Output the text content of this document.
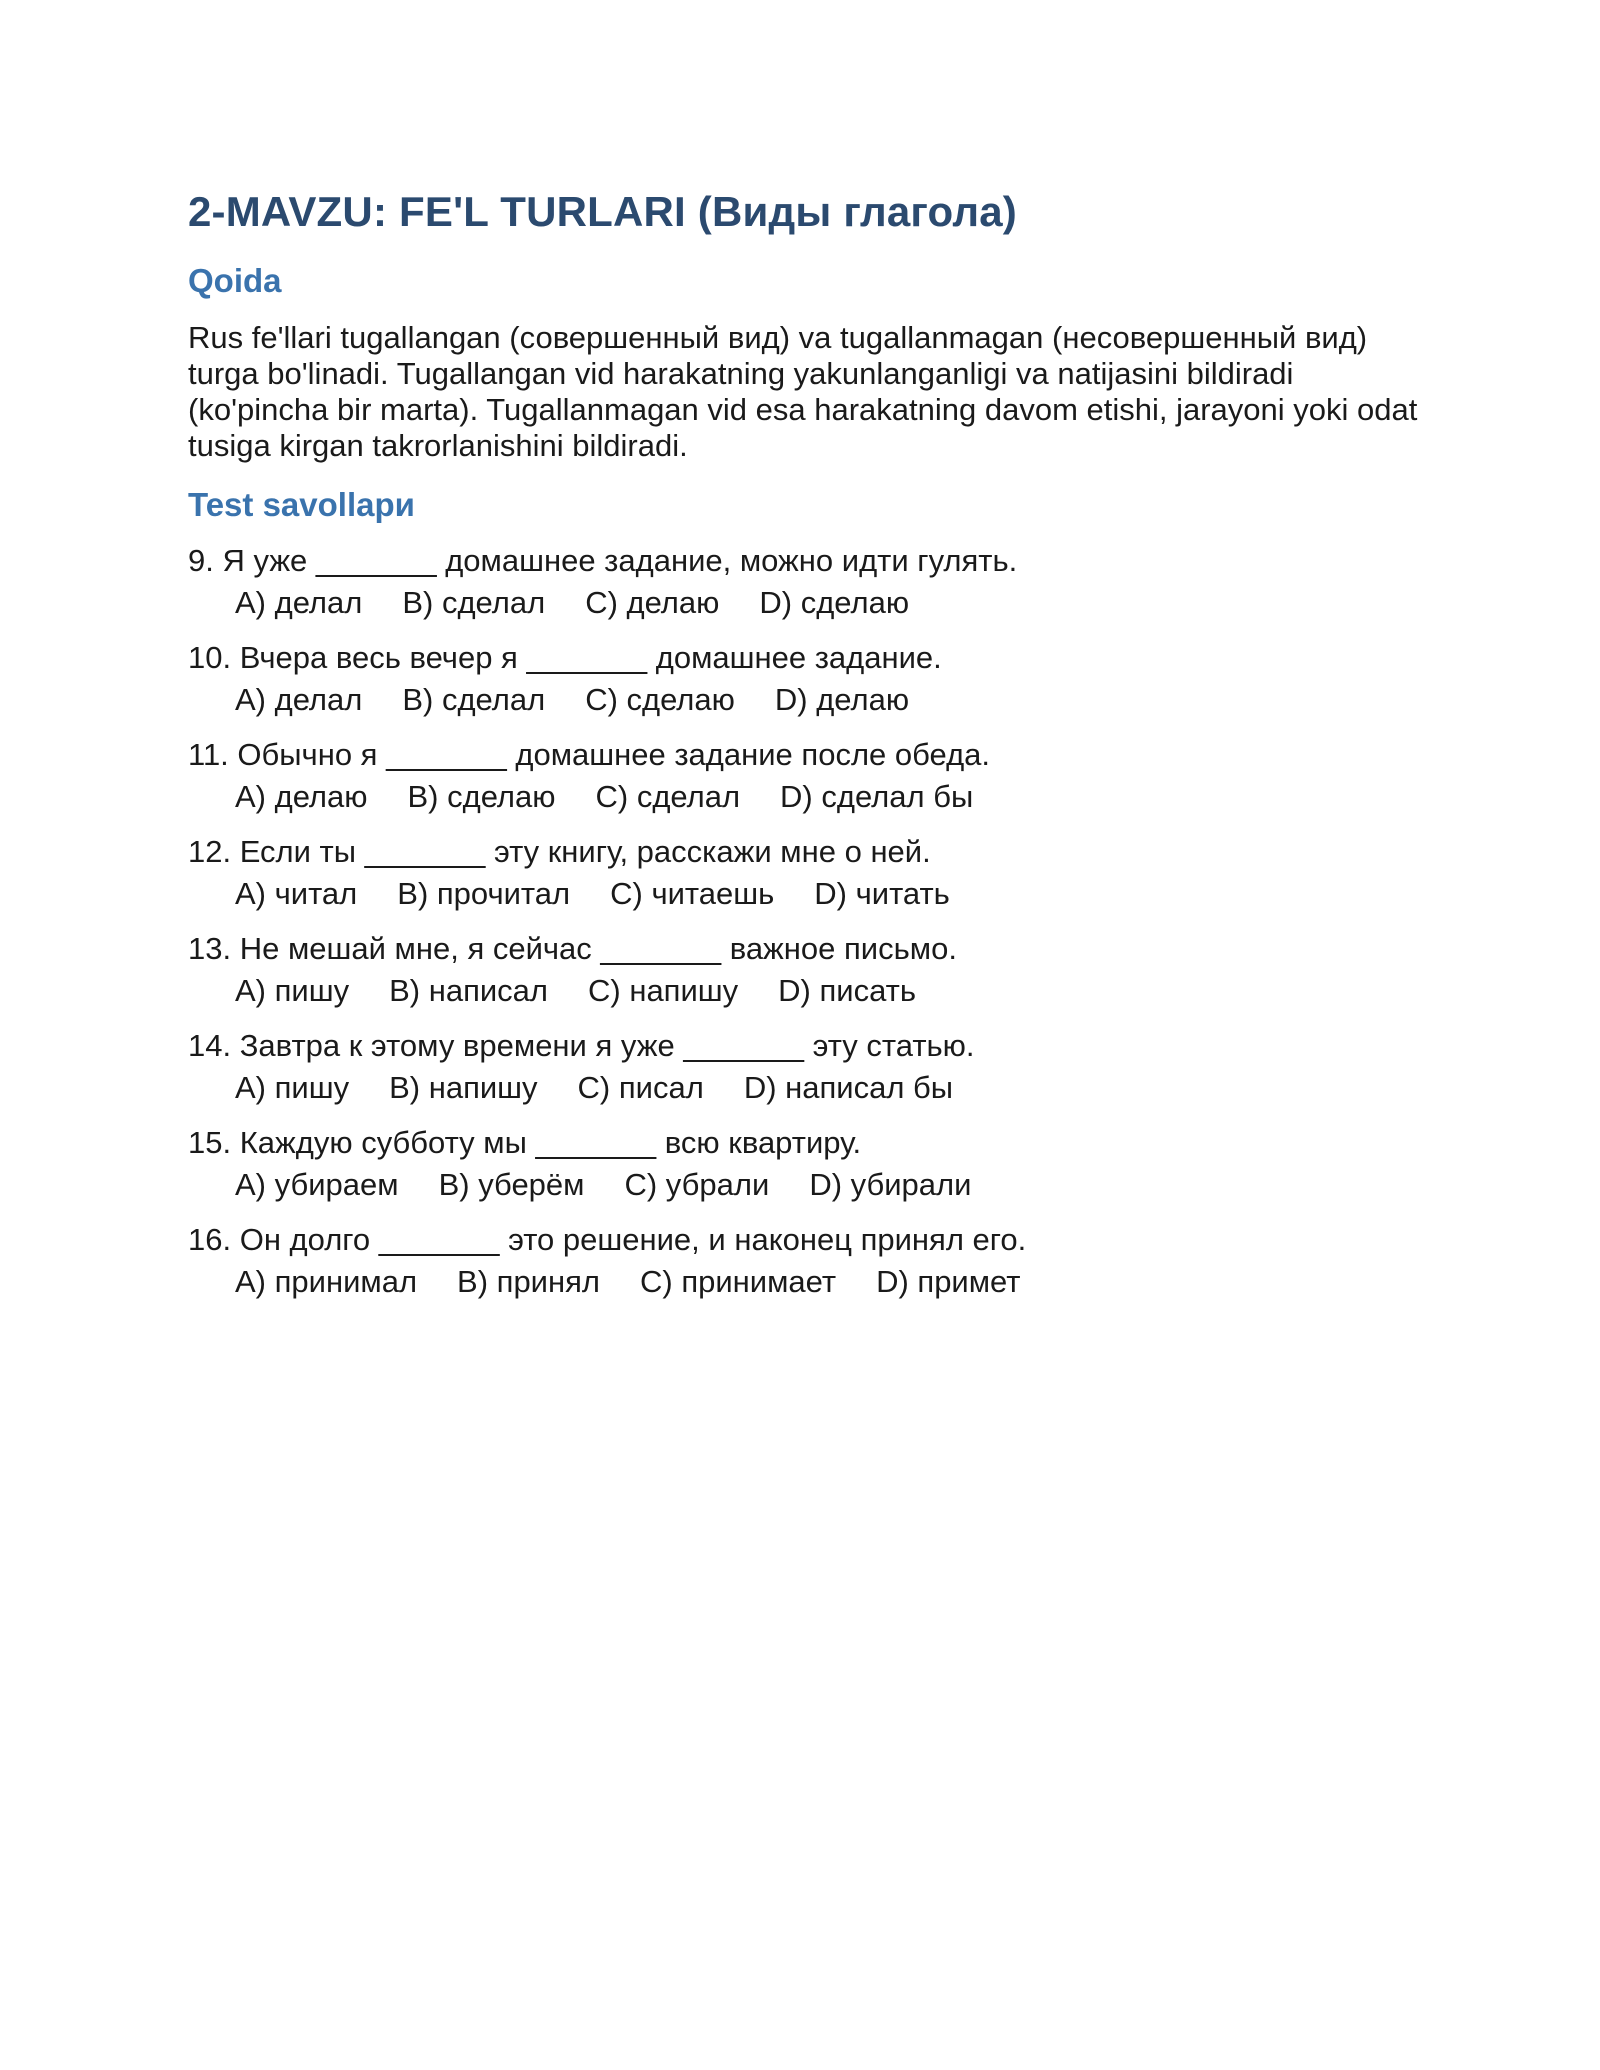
2-MAVZU: FE'L TURLARI (Виды глагола)
Qoida

Rus fe'llari tugallangan (совершенный вид) va tugallanmagan (несовершенный вид) turga bo'linadi. Tugallangan vid harakatning yakunlanganligi va natijasini bildiradi (ko'pincha bir marta). Tugallanmagan vid esa harakatning davom etishi, jarayoni yoki odat tusiga kirgan takrorlanishini bildiradi.

Test savollари
9. Я уже _______ домашнее задание, можно идти гулять.
A) делал B) сделал C) делаю D) сделаю
10. Вчера весь вечер я _______ домашнее задание.
A) делал B) сделал C) сделаю D) делаю
11. Обычно я _______ домашнее задание после обеда.
A) делаю B) сделаю C) сделал D) сделал бы
12. Если ты _______ эту книгу, расскажи мне о ней.
A) читал B) прочитал C) читаешь D) читать
13. Не мешай мне, я сейчас _______ важное письмо.
A) пишу B) написал C) напишу D) писать
14. Завтра к этому времени я уже _______ эту статью.
A) пишу B) напишу C) писал D) написал бы
15. Каждую субботу мы _______ всю квартиру.
A) убираем B) уберём C) убрали D) убирали
16. Он долго _______ это решение, и наконец принял его.
A) принимал B) принял C) принимает D) примет
